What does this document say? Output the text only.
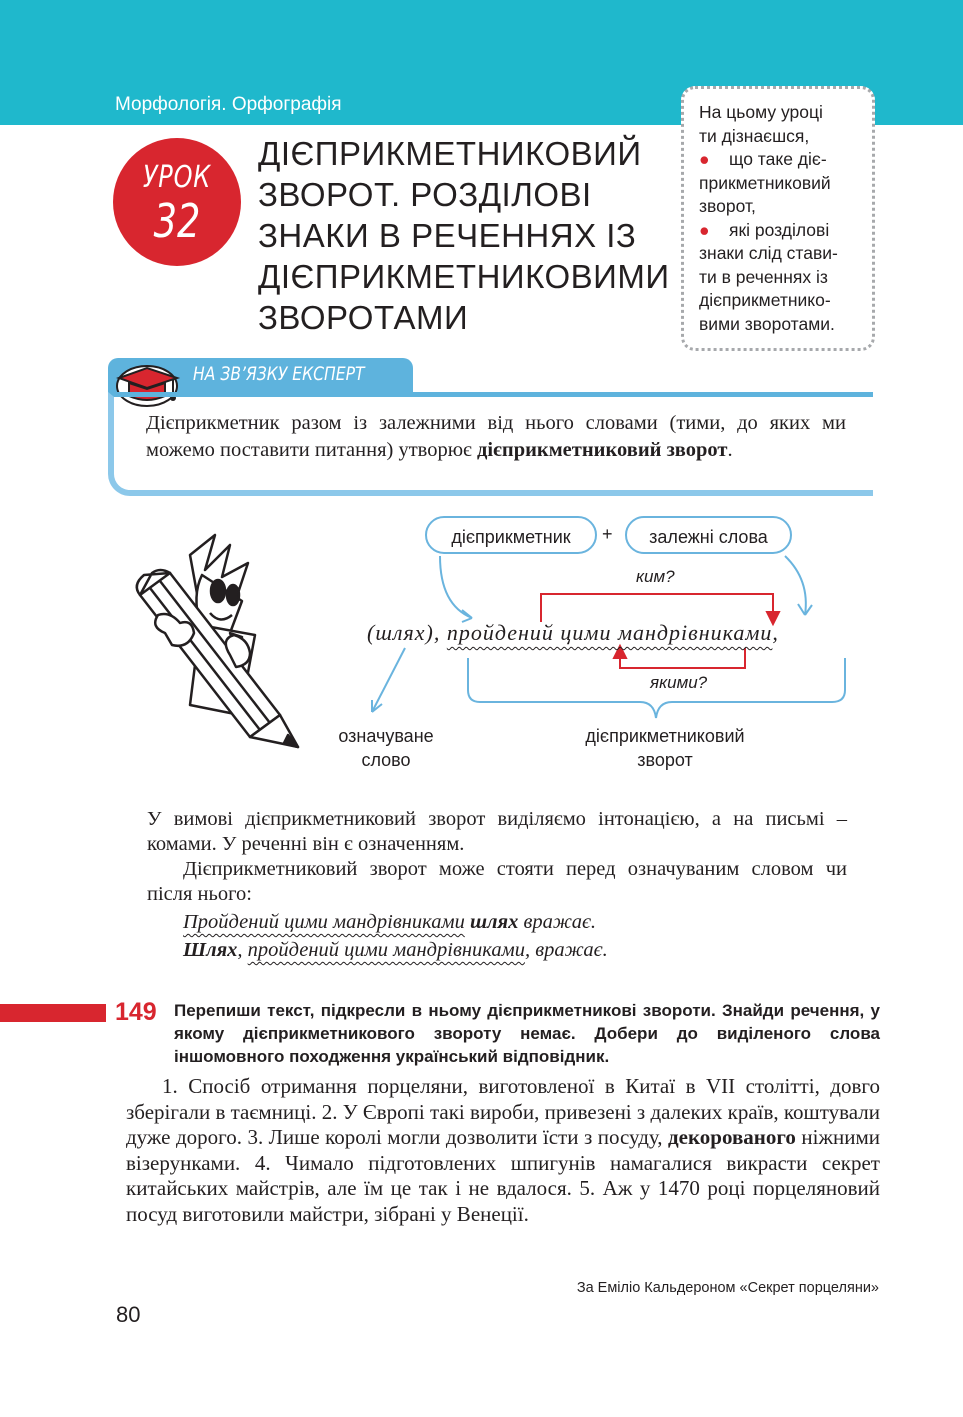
Морфологія. Орфографія
УРОК
32
ДІЄПРИКМЕТНИКОВИЙ
ЗВОРОТ. РОЗДІЛОВІ
ЗНАКИ В РЕЧЕННЯХ ІЗ
ДІЄПРИКМЕТНИКОВИМИ
ЗВОРОТАМИ
На цьому уроці
ти дізнаєшся,
● що таке діє-
прикметниковий
зворот,
● які розділові
знаки слід стави-
ти в реченнях із
дієприкметнико-
вими зворотами.
НА ЗВ’ЯЗКУ ЕКСПЕРТ
Дієприкметник разом із залежними від нього словами (тими, до яких ми можемо поставити питання) утворює дієприкметниковий зворот.
дієприкметник	+	залежні слова
ким?
якими?
(шлях), пройдений цими мандрівниками,
означуване
слово
дієприкметниковий
зворот

У вимові дієприкметниковий зворот виділяємо інтонацією, а на письмі – комами. У реченні він є означенням.

Дієприкметниковий зворот може стояти перед означуваним словом чи після нього:

Пройдений цими мандрівниками шлях вражає.

Шлях, пройдений цими мандрівниками, вражає.

149 Перепиши текст, підкресли в ньому дієприкметникові звороти. Знайди речення, у якому дієприкметникового звороту немає. Добери до виділеного слова іншомовного походження український відповідник.

1. Спосіб отримання порцеляни, виготовленої в Китаї в VII столітті, довго зберігали в таємниці. 2. У Європі такі вироби, привезені з далеких країв, коштували дуже дорого. 3. Лише королі могли дозволити їсти з посуду, декорованого ніжними візерунками. 4. Чимало підготовлених шпигунів намагалися викрасти секрет китайських майстрів, але їм це так і не вдалося. 5. Аж у 1470 році порцеляновий посуд виготовили майстри, зібрані у Венеції.

За Еміліо Кальдероном «Секрет порцеляни»
80
